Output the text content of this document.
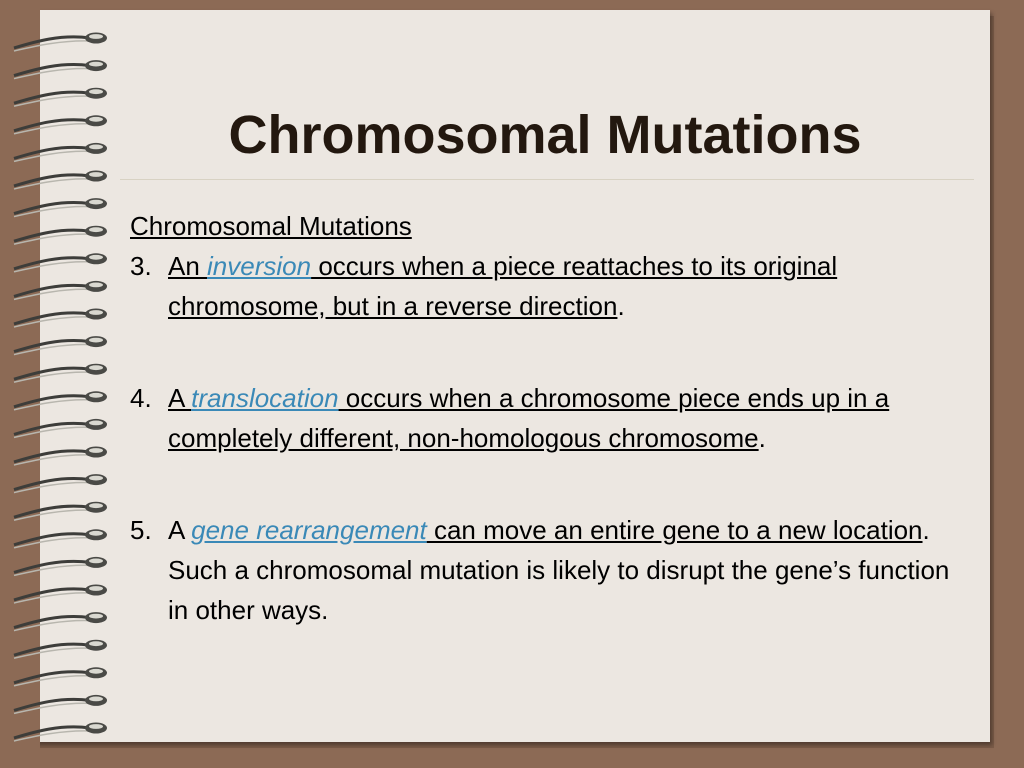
Chromosomal Mutations

Chromosomal Mutations

3. An inversion occurs when a piece reattaches to its original chromosome, but in a reverse direction.

4. A translocation occurs when a chromosome piece ends up in a completely different, non-homologous chromosome.

5. A gene rearrangement can move an entire gene to a new location. Such a chromosomal mutation is likely to disrupt the gene’s function in other ways.
